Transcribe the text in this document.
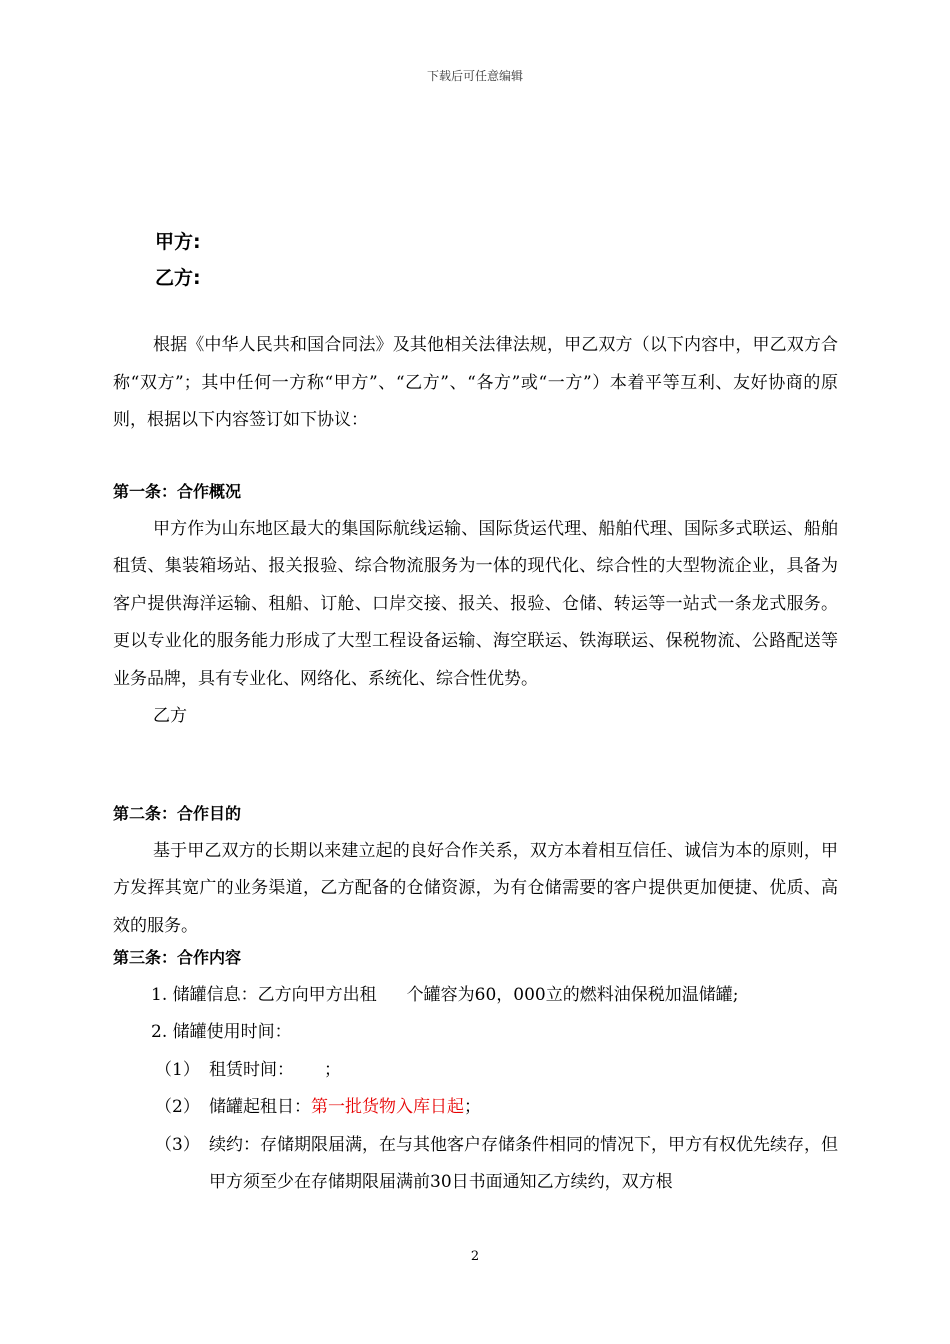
下载后可任意编辑
甲方:
乙方:

根据《中华人民共和国合同法》及其他相关法律法规，甲乙双方（以下内容中，甲乙双方合称“双方”；其中任何一方称“甲方”、“乙方”、“各方”或“一方”）本着平等互利、友好协商的原则，根据以下内容签订如下协议：

第一条：合作概况

甲方作为山东地区最大的集国际航线运输、国际货运代理、船舶代理、国际多式联运、船舶租赁、集装箱场站、报关报验、综合物流服务为一体的现代化、综合性的大型物流企业，具备为客户提供海洋运输、租船、订舱、口岸交接、报关、报验、仓储、转运等一站式一条龙式服务。更以专业化的服务能力形成了大型工程设备运输、海空联运、铁海联运、保税物流、公路配送等业务品牌，具有专业化、网络化、系统化、综合性优势。

乙方

第二条：合作目的

基于甲乙双方的长期以来建立起的良好合作关系，双方本着相互信任、诚信为本的原则，甲方发挥其宽广的业务渠道，乙方配备的仓储资源，为有仓储需要的客户提供更加便捷、优质、高效的服务。

第三条：合作内容

1. 储罐信息：乙方向甲方出租 个罐容为60，000立的燃料油保税加温储罐;

2. 储罐使用时间：

（1） 租赁时间： ；
（2） 储罐起租日：第一批货物入库日起；
（3） 续约：存储期限届满，在与其他客户存储条件相同的情况下，甲方有权优先续存，但甲方须至少在存储期限届满前30日书面通知乙方续约，双方根
2
